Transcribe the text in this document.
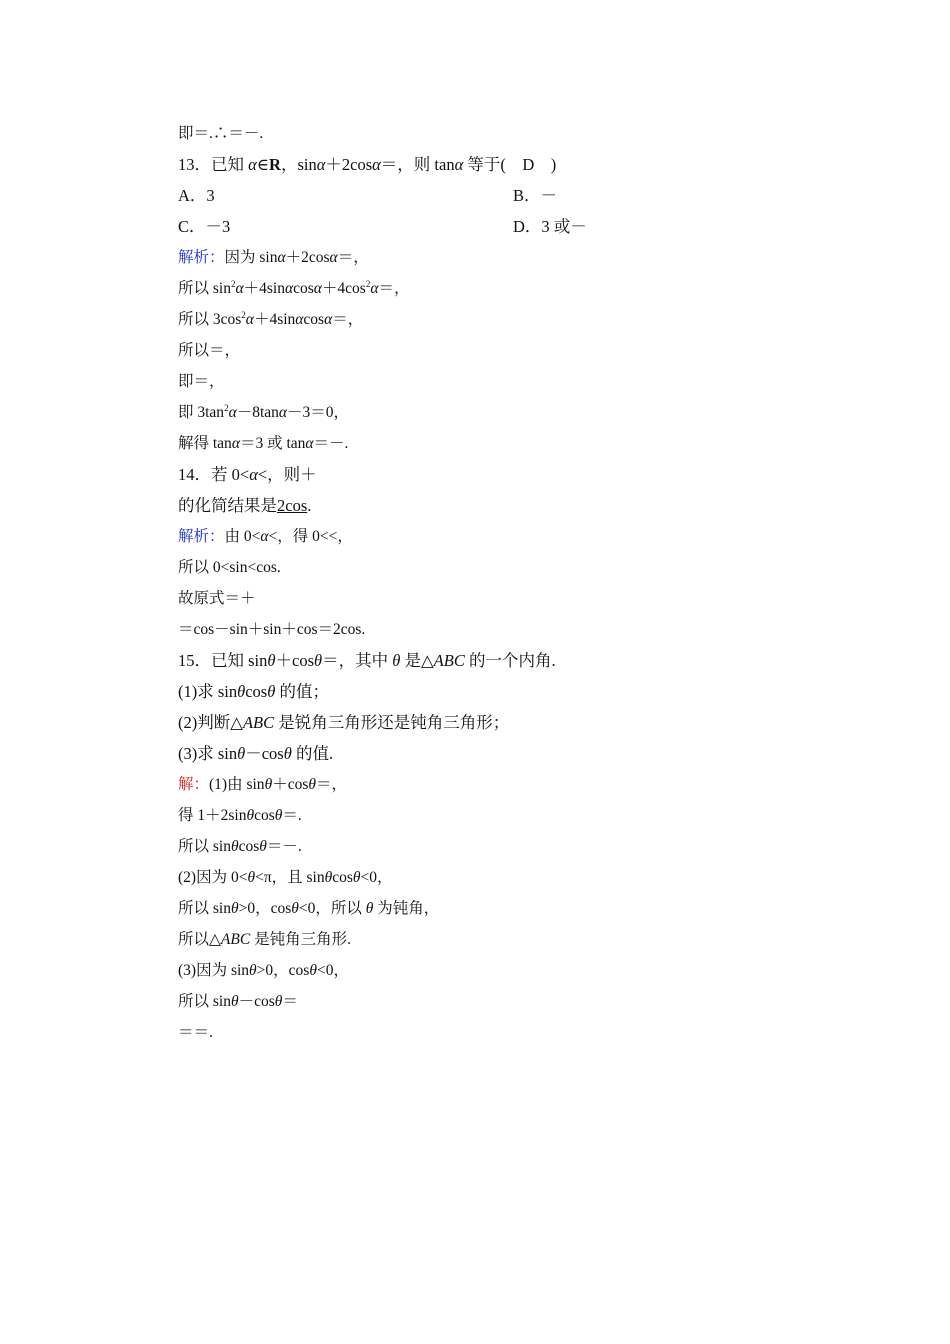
即＝.∴＝－.
13．已知 α∈R，sinα＋2cosα＝，则 tanα 等于(　D　)
A．3	B．－
C．－3	D．3 或－
解析：因为 sinα＋2cosα＝，
所以 $\sin^2\alpha+4\sin\alpha\cos\alpha+4\cos^2\alpha=$，
所以 $3\cos^2\alpha+4\sin\alpha\cos\alpha=$，
所以＝，
即＝，
即 $3\tan^2\alpha-8\tan\alpha-3=0$，
解得 tanα＝3 或 tanα＝－.
14．若 0<α<，则＋
的化简结果是2cos.
解析：由 0<α<，得 0<<，
所以 0<sin<cos.
故原式＝＋
＝cos－sin＋sin＋cos＝2cos.
15．已知 sinθ＋cosθ＝，其中 θ 是△ABC 的一个内角.
(1)求 sinθcosθ 的值；
(2)判断△ABC 是锐角三角形还是钝角三角形；
(3)求 sinθ－cosθ 的值.
解：(1)由 sinθ＋cosθ＝，
得 1＋2sinθcosθ＝.
所以 sinθcosθ＝－.
(2)因为 0<θ<π，且 sinθcosθ<0，
所以 sinθ>0，cosθ<0，所以 θ 为钝角，
所以△ABC 是钝角三角形.
(3)因为 sinθ>0，cosθ<0，
所以 sinθ－cosθ＝
＝＝.
